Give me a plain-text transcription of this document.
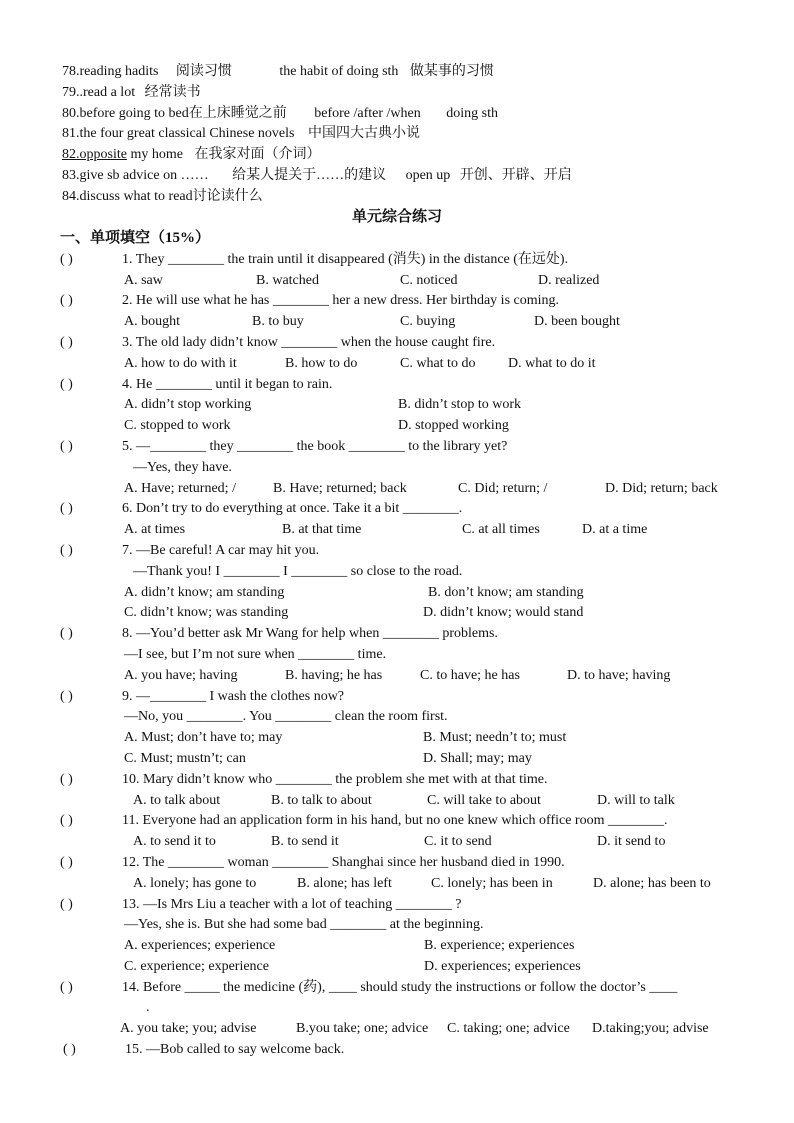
78.reading hadits 阅读习惯	the habit of doing sth 做某事的习惯
79..read a lot 经常读书
80.before going to bed在上床睡觉之前 before /after /when doing sth
81.the four great classical Chinese novels 中国四大古典小说
82.opposite my home 在我家对面（介词）
83.give sb advice on …… 给某人提关于……的建议 open up 开创、开辟、开启
84.discuss what to read讨论读什么
单元综合练习
一、单项填空（15%）
( )	1. They ________ the train until it disappeared (消失) in the distance (在远处).
A. saw	B. watched	C. noticed	D. realized
( )	2. He will use what he has ________ her a new dress. Her birthday is coming.
A. bought	B. to buy	C. buying	D. been bought
( )	3. The old lady didn’t know ________ when the house caught fire.
A. how to do with it	B. how to do	C. what to do D. what to do it
( )	4. He ________ until it began to rain.
A. didn’t stop working	B. didn’t stop to work
C. stopped to work	D. stopped working
( )	5. —________ they ________ the book ________ to the library yet?
—Yes, they have.
A. Have; returned; /	B. Have; returned; back	C. Did; return; /	D. Did; return; back
( )	6. Don’t try to do everything at once. Take it a bit ________.
A. at times	B. at that time	C. at all times	D. at a time
( )	7. —Be careful! A car may hit you.
—Thank you! I ________ I ________ so close to the road.
A. didn’t know; am standing	B. don’t know; am standing
C. didn’t know; was standing	D. didn’t know; would stand
( )	8. —You’d better ask Mr Wang for help when ________ problems.
—I see, but I’m not sure when ________ time.
A. you have; having	B. having; he has	C. to have; he has	D. to have; having
( )	9. —________ I wash the clothes now?
—No, you ________. You ________ clean the room first.
A. Must; don’t have to; may	B. Must; needn’t to; must
C. Must; mustn’t; can	D. Shall; may; may
( )	10. Mary didn’t know who ________ the problem she met with at that time.
A. to talk about	B. to talk to about	C. will take to about	D. will to talk
( )	11. Everyone had an application form in his hand, but no one knew which office room ________.
A. to send it to	B. to send it	C. it to send	D. it send to
( )	12. The ________ woman ________ Shanghai since her husband died in 1990.
A. lonely; has gone to	B. alone; has left	C. lonely; has been in	D. alone; has been to
( )	13. —Is Mrs Liu a teacher with a lot of teaching ________ ?
—Yes, she is. But she had some bad ________ at the beginning.
A. experiences; experience	B. experience; experiences
C. experience; experience	D. experiences; experiences
( )	14. Before _____ the medicine (药), ____ should study the instructions or follow the doctor’s ____
.
A. you take; you; advise	B.you take; one; advice C. taking; one; advice D.taking;you; advise
( )	15. —Bob called to say welcome back.
